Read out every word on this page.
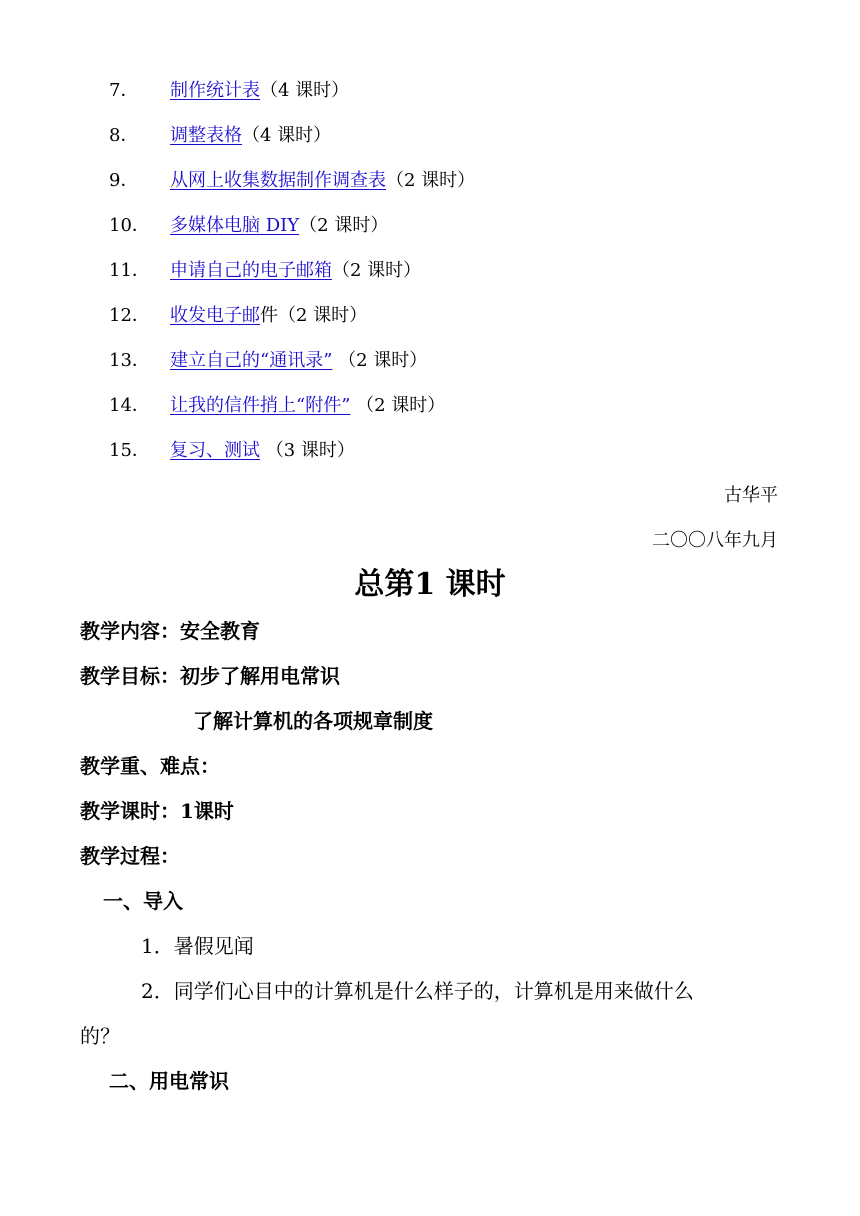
7． 制作统计表（4 课时）
8． 调整表格（4 课时）
9． 从网上收集数据制作调查表（2 课时）
10． 多媒体电脑 DIY（2 课时）
11． 申请自己的电子邮箱（2 课时）
12． 收发电子邮件（2 课时）
13． 建立自己的“通讯录” （2 课时）
14． 让我的信件捎上“附件” （2 课时）
15． 复习、测试 （3 课时）
古华平
二〇〇八年九月
总第1 课时
教学内容：安全教育
教学目标：初步了解用电常识
了解计算机的各项规章制度
教学重、难点：
教学课时：1课时
教学过程：
一、导入
1．暑假见闻
2．同学们心目中的计算机是什么样子的，计算机是用来做什么
的？
二、用电常识
